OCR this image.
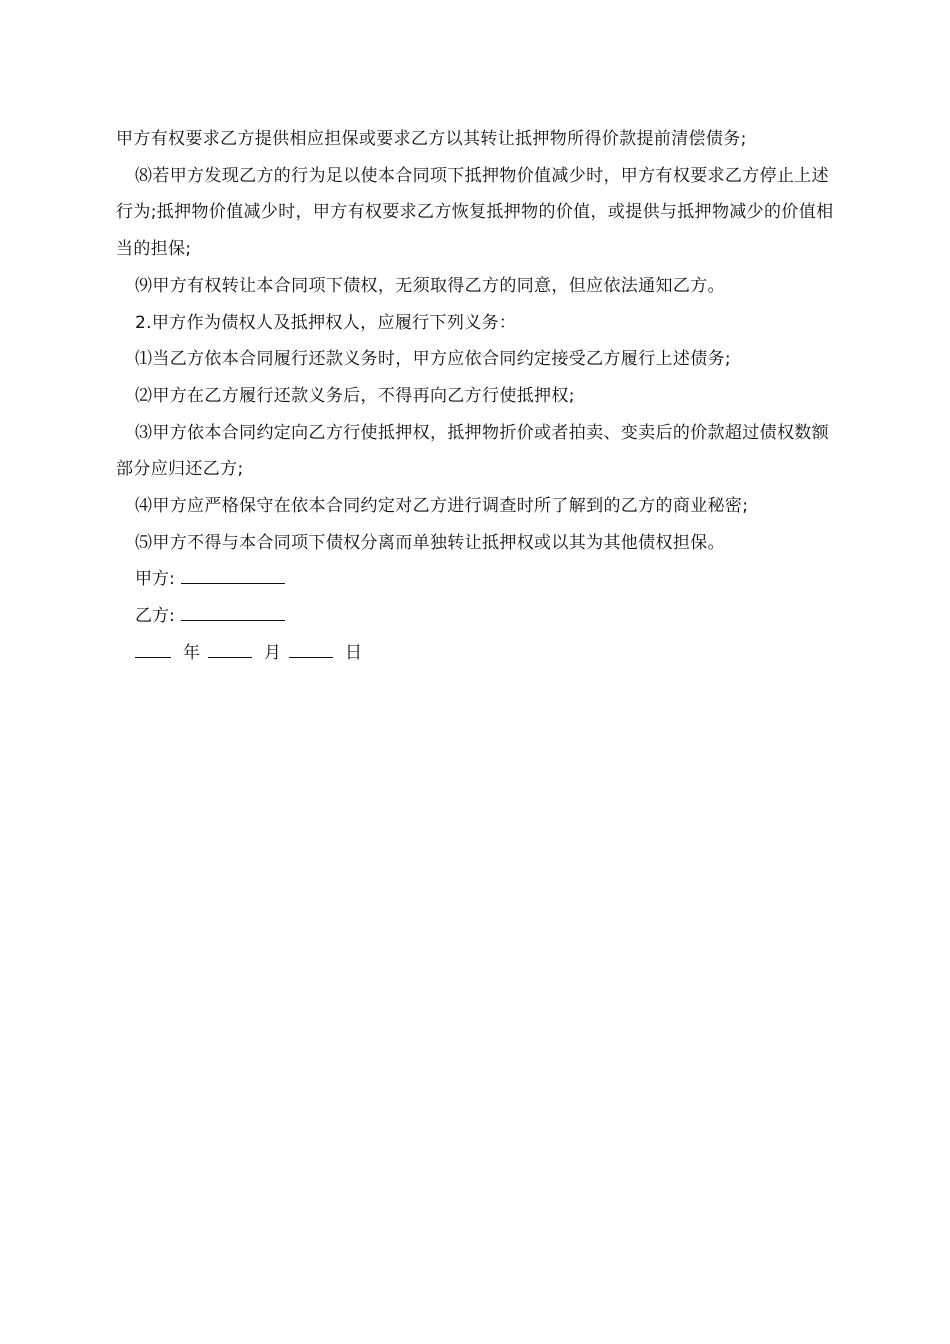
甲方有权要求乙方提供相应担保或要求乙方以其转让抵押物所得价款提前清偿债务;

⑻若甲方发现乙方的行为足以使本合同项下抵押物价值减少时，甲方有权要求乙方停止上述行为;抵押物价值减少时，甲方有权要求乙方恢复抵押物的价值，或提供与抵押物减少的价值相当的担保;

⑼甲方有权转让本合同项下债权，无须取得乙方的同意，但应依法通知乙方。

2.甲方作为债权人及抵押权人，应履行下列义务：

⑴当乙方依本合同履行还款义务时，甲方应依合同约定接受乙方履行上述债务;

⑵甲方在乙方履行还款义务后，不得再向乙方行使抵押权;

⑶甲方依本合同约定向乙方行使抵押权，抵押物折价或者拍卖、变卖后的价款超过债权数额部分应归还乙方;

⑷甲方应严格保守在依本合同约定对乙方进行调查时所了解到的乙方的商业秘密;

⑸甲方不得与本合同项下债权分离而单独转让抵押权或以其为其他债权担保。

甲方:

乙方:

年	月	日
